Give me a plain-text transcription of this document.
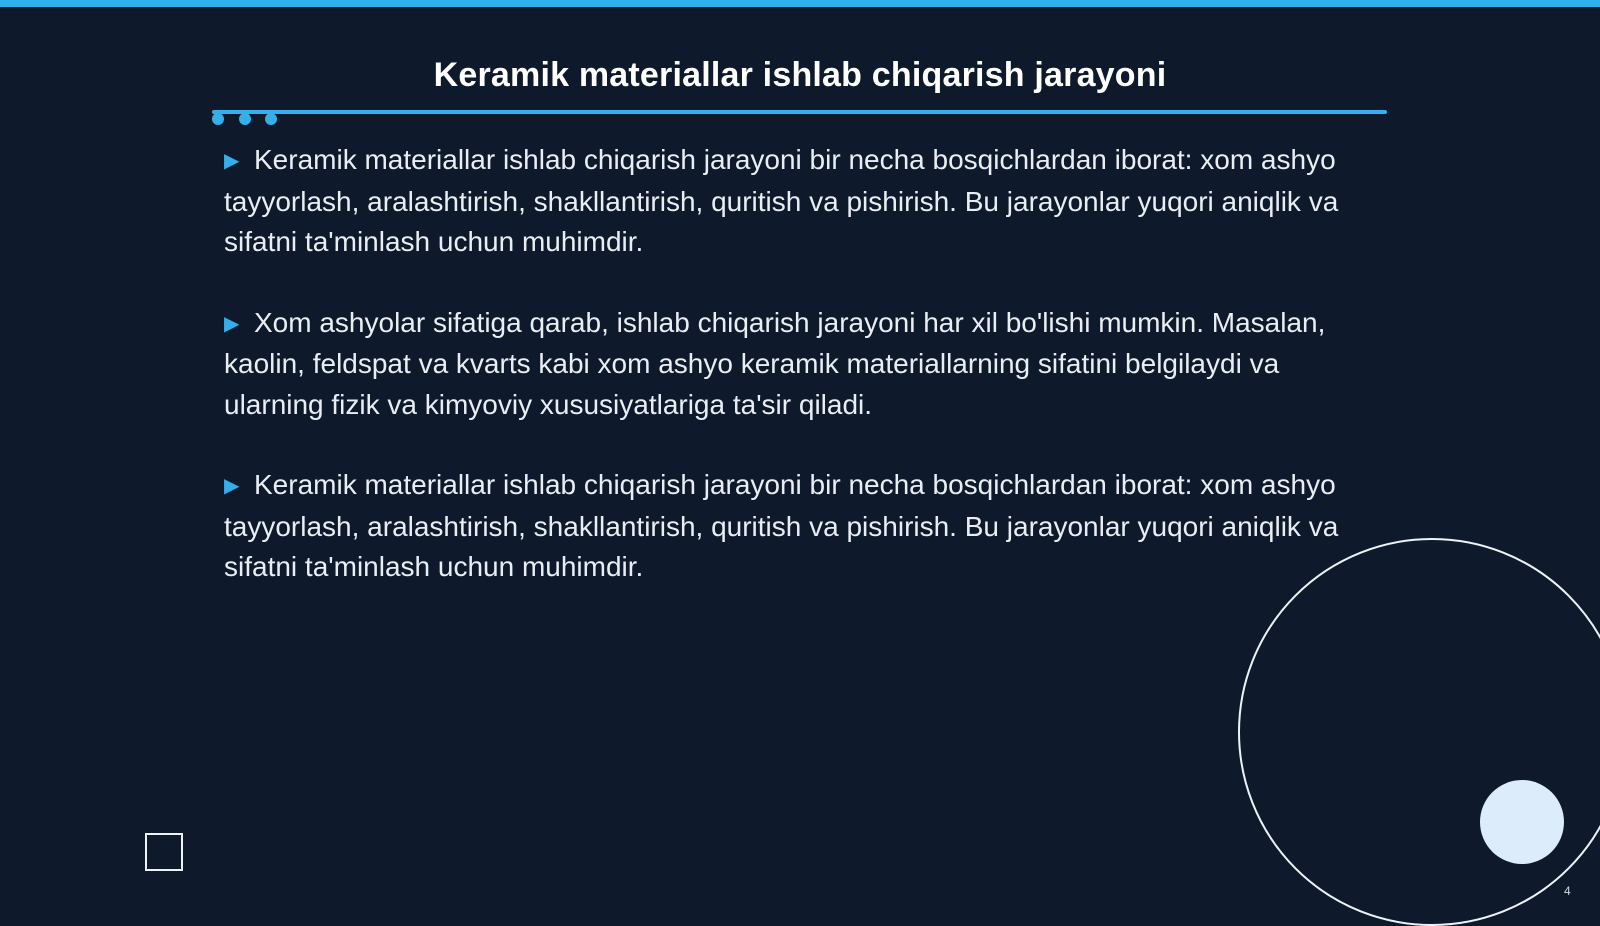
Keramik materiallar ishlab chiqarish jarayoni

▶ Keramik materiallar ishlab chiqarish jarayoni bir necha bosqichlardan iborat: xom ashyo tayyorlash, aralashtirish, shakllantirish, quritish va pishirish. Bu jarayonlar yuqori aniqlik va sifatni ta'minlash uchun muhimdir.

▶ Xom ashyolar sifatiga qarab, ishlab chiqarish jarayoni har xil bo'lishi mumkin. Masalan, kaolin, feldspat va kvarts kabi xom ashyo keramik materiallarning sifatini belgilaydi va ularning fizik va kimyoviy xususiyatlariga ta'sir qiladi.

▶ Keramik materiallar ishlab chiqarish jarayoni bir necha bosqichlardan iborat: xom ashyo tayyorlash, aralashtirish, shakllantirish, quritish va pishirish. Bu jarayonlar yuqori aniqlik va sifatni ta'minlash uchun muhimdir.

4
